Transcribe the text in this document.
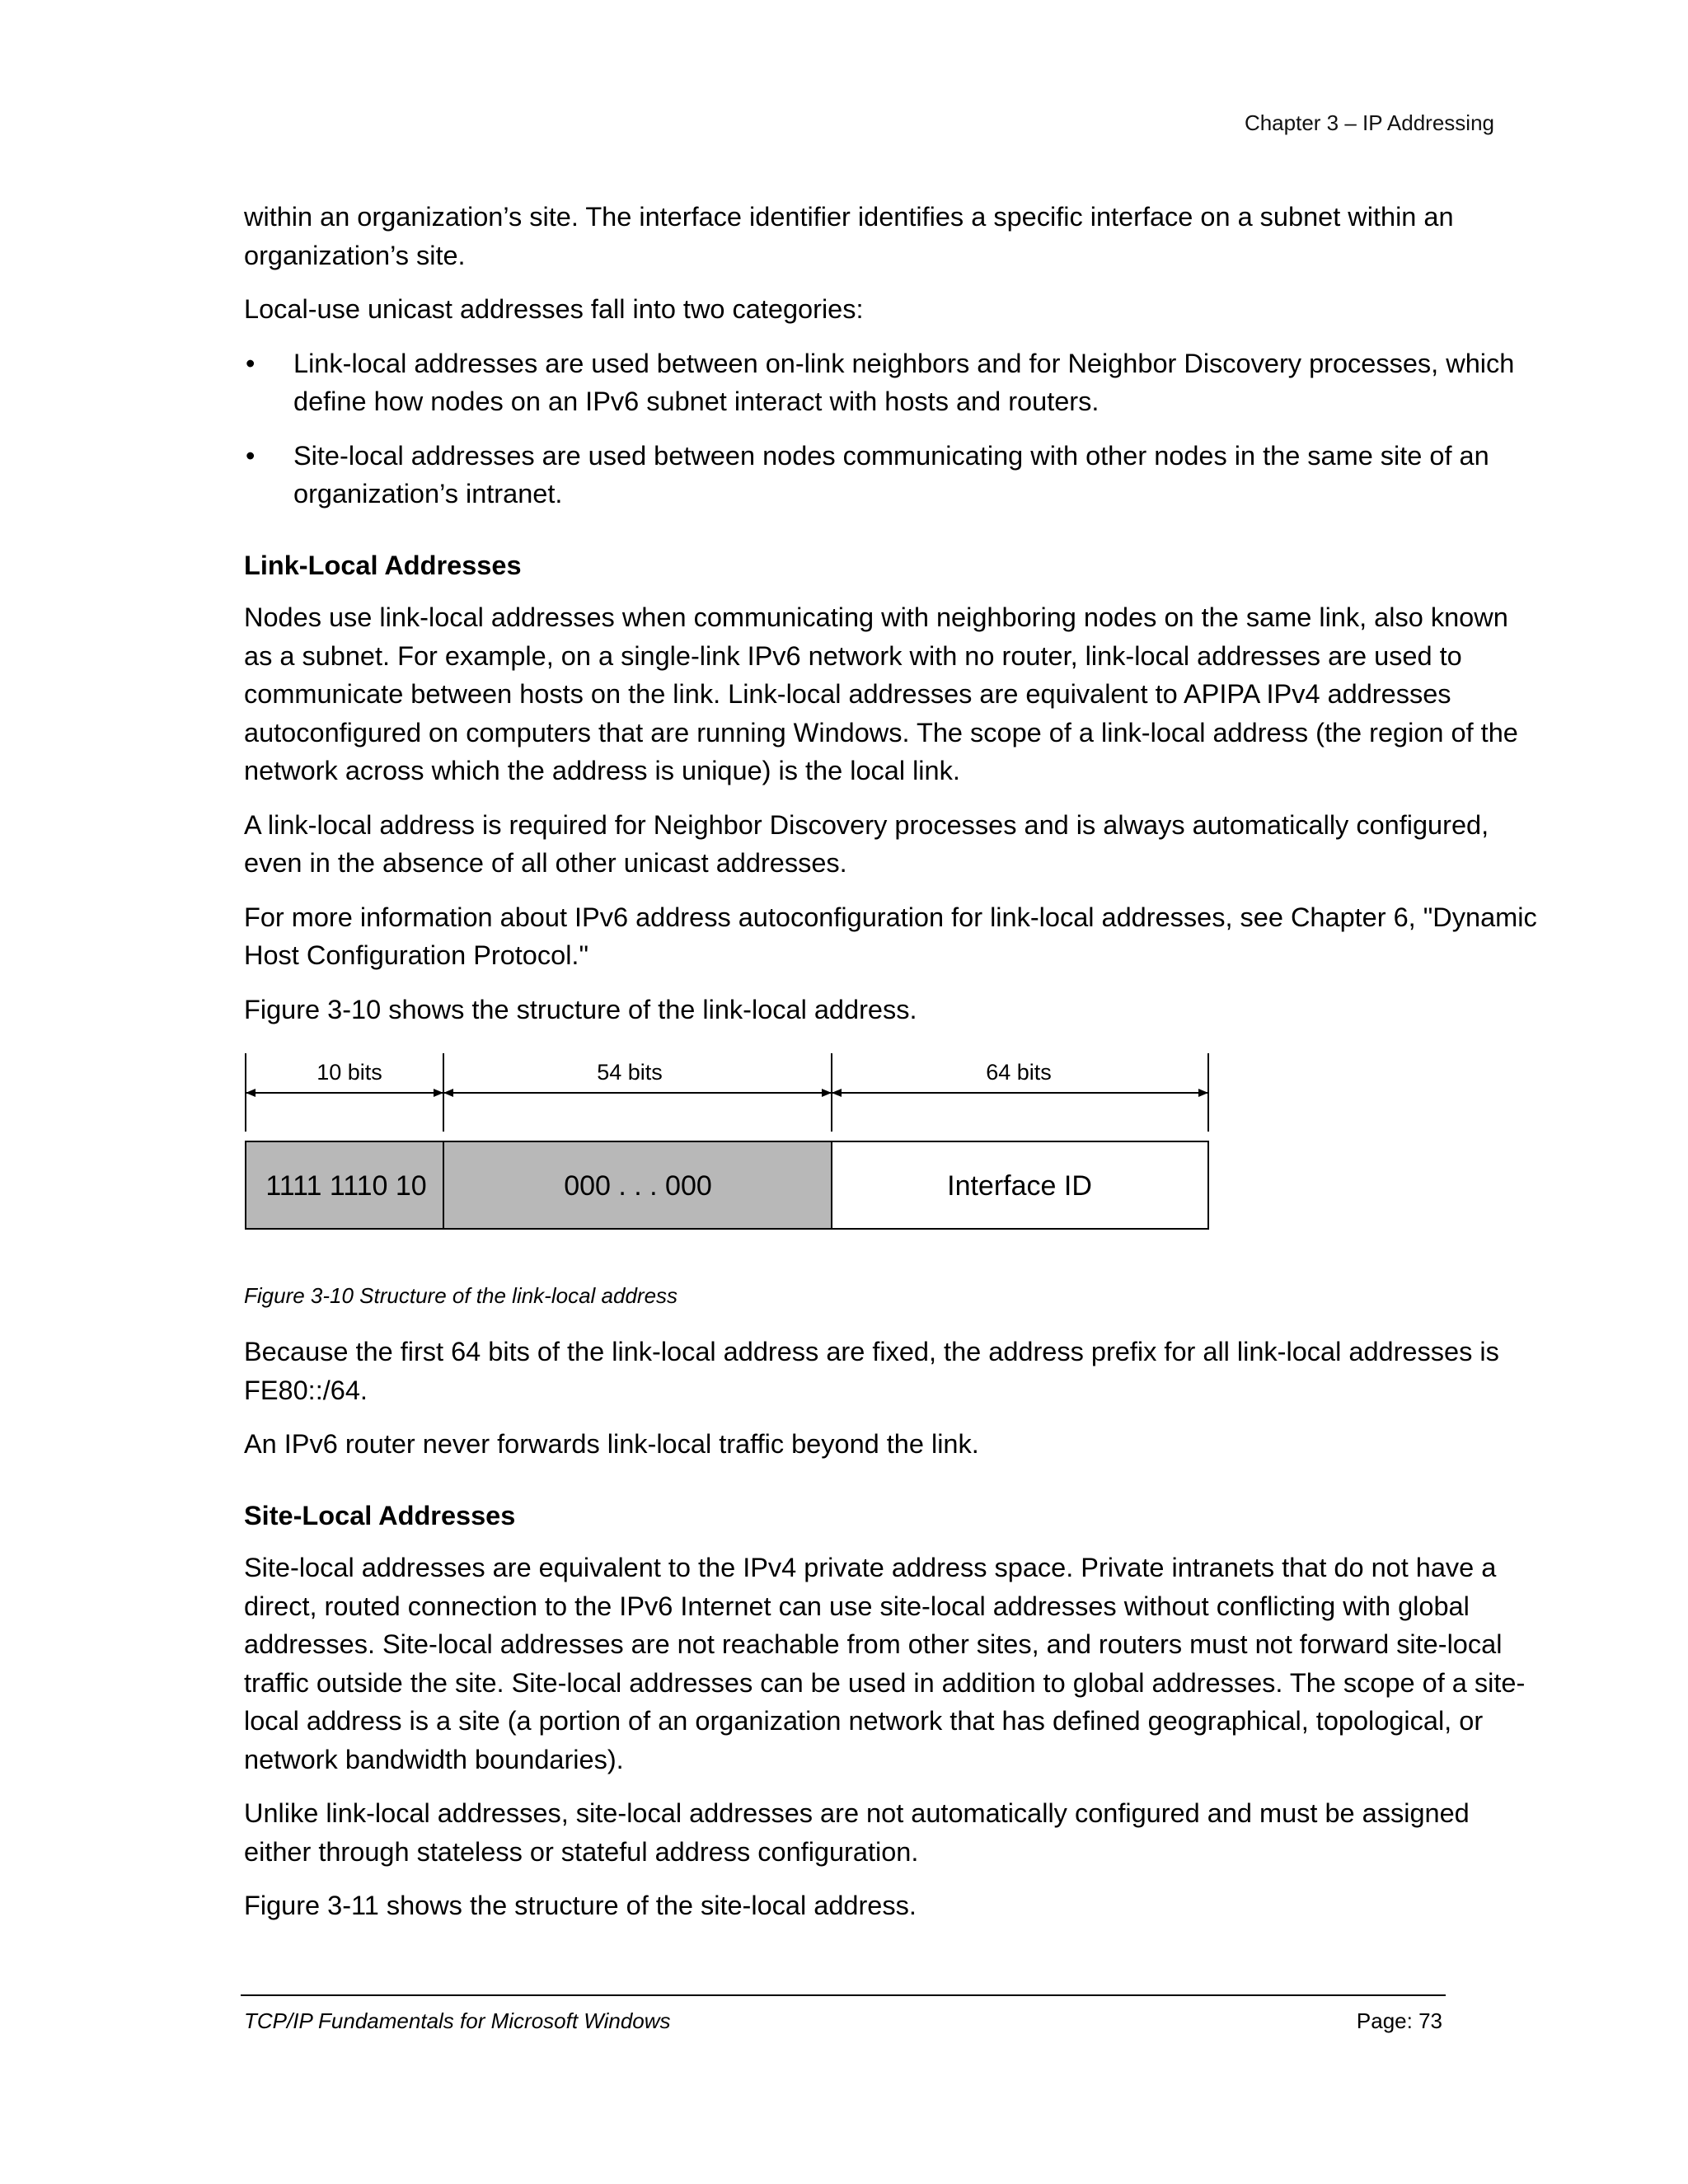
Chapter 3 – IP Addressing

within an organization’s site. The interface identifier identifies a specific interface on a subnet within an organization’s site.

Local-use unicast addresses fall into two categories:

• Link-local addresses are used between on-link neighbors and for Neighbor Discovery processes, which define how nodes on an IPv6 subnet interact with hosts and routers.
• Site-local addresses are used between nodes communicating with other nodes in the same site of an organization’s intranet.
Link-Local Addresses

Nodes use link-local addresses when communicating with neighboring nodes on the same link, also known as a subnet. For example, on a single-link IPv6 network with no router, link-local addresses are used to communicate between hosts on the link. Link-local addresses are equivalent to APIPA IPv4 addresses autoconfigured on computers that are running Windows. The scope of a link-local address (the region of the network across which the address is unique) is the local link.

A link-local address is required for Neighbor Discovery processes and is always automatically configured, even in the absence of all other unicast addresses.

For more information about IPv6 address autoconfiguration for link-local addresses, see Chapter 6, "Dynamic Host Configuration Protocol."

Figure 3-10 shows the structure of the link-local address.

10 bits	54 bits	64 bits
1111 1110 10	000 . . . 000	Interface ID
Figure 3-10 Structure of the link-local address

Because the first 64 bits of the link-local address are fixed, the address prefix for all link-local addresses is FE80::/64.

An IPv6 router never forwards link-local traffic beyond the link.

Site-Local Addresses

Site-local addresses are equivalent to the IPv4 private address space. Private intranets that do not have a direct, routed connection to the IPv6 Internet can use site-local addresses without conflicting with global addresses. Site-local addresses are not reachable from other sites, and routers must not forward site-local traffic outside the site. Site-local addresses can be used in addition to global addresses. The scope of a site-local address is a site (a portion of an organization network that has defined geographical, topological, or network bandwidth boundaries).

Unlike link-local addresses, site-local addresses are not automatically configured and must be assigned either through stateless or stateful address configuration.

Figure 3-11 shows the structure of the site-local address.

TCP/IP Fundamentals for Microsoft Windows	Page: 73
